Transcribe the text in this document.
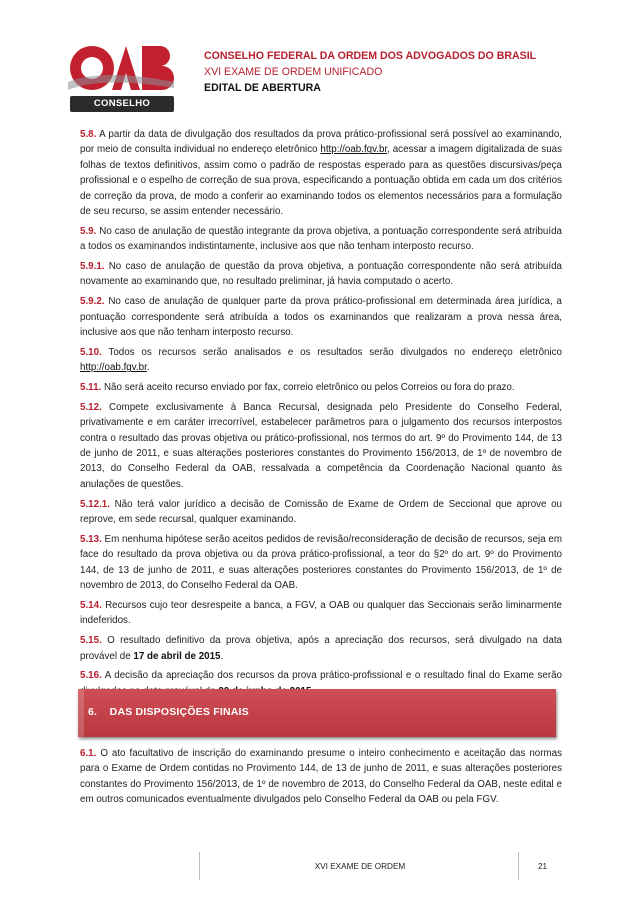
CONSELHO FEDERAL
CONSELHO FEDERAL DA ORDEM DOS ADVOGADOS DO BRASIL
XVI EXAME DE ORDEM UNIFICADO
EDITAL DE ABERTURA

5.8. A partir da data de divulgação dos resultados da prova prático-profissional será possível ao examinando, por meio de consulta individual no endereço eletrônico http://oab.fgv.br, acessar a imagem digitalizada de suas folhas de textos definitivos, assim como o padrão de respostas esperado para as questões discursivas/peça profissional e o espelho de correção de sua prova, especificando a pontuação obtida em cada um dos critérios de correção da prova, de modo a conferir ao examinando todos os elementos necessários para a formulação de seu recurso, se assim entender necessário.

5.9. No caso de anulação de questão integrante da prova objetiva, a pontuação correspondente será atribuída a todos os examinandos indistintamente, inclusive aos que não tenham interposto recurso.

5.9.1. No caso de anulação de questão da prova objetiva, a pontuação correspondente não será atribuída novamente ao examinando que, no resultado preliminar, já havia computado o acerto.

5.9.2. No caso de anulação de qualquer parte da prova prático-profissional em determinada área jurídica, a pontuação correspondente será atribuída a todos os examinandos que realizaram a prova nessa área, inclusive aos que não tenham interposto recurso.

5.10. Todos os recursos serão analisados e os resultados serão divulgados no endereço eletrônico http://oab.fgv.br.

5.11. Não será aceito recurso enviado por fax, correio eletrônico ou pelos Correios ou fora do prazo.

5.12. Compete exclusivamente à Banca Recursal, designada pelo Presidente do Conselho Federal, privativamente e em caráter irrecorrível, estabelecer parâmetros para o julgamento dos recursos interpostos contra o resultado das provas objetiva ou prático-profissional, nos termos do art. 9º do Provimento 144, de 13 de junho de 2011, e suas alterações posteriores constantes do Provimento 156/2013, de 1º de novembro de 2013, do Conselho Federal da OAB, ressalvada a competência da Coordenação Nacional quanto às anulações de questões.

5.12.1. Não terá valor jurídico a decisão de Comissão de Exame de Ordem de Seccional que aprove ou reprove, em sede recursal, qualquer examinando.

5.13. Em nenhuma hipótese serão aceitos pedidos de revisão/reconsideração de decisão de recursos, seja em face do resultado da prova objetiva ou da prova prático-profissional, a teor do §2º do art. 9º do Provimento 144, de 13 de junho de 2011, e suas alterações posteriores constantes do Provimento 156/2013, de 1º de novembro de 2013, do Conselho Federal da OAB.

5.14. Recursos cujo teor desrespeite a banca, a FGV, a OAB ou qualquer das Seccionais serão liminarmente indeferidos.

5.15. O resultado definitivo da prova objetiva, após a apreciação dos recursos, será divulgado na data provável de 17 de abril de 2015.

5.16. A decisão da apreciação dos recursos da prova prático-profissional e o resultado final do Exame serão

6. DAS DISPOSIÇÕES FINAIS

6.1. O ato facultativo de inscrição do examinando presume o inteiro conhecimento e aceitação das normas para o Exame de Ordem contidas no Provimento 144, de 13 de junho de 2011, e suas alterações posteriores constantes do Provimento 156/2013, de 1º de novembro de 2013, do Conselho Federal da OAB, neste edital e em outros comunicados eventualmente divulgados pelo Conselho Federal da OAB ou pela FGV.

XVI EXAME DE ORDEM	21
